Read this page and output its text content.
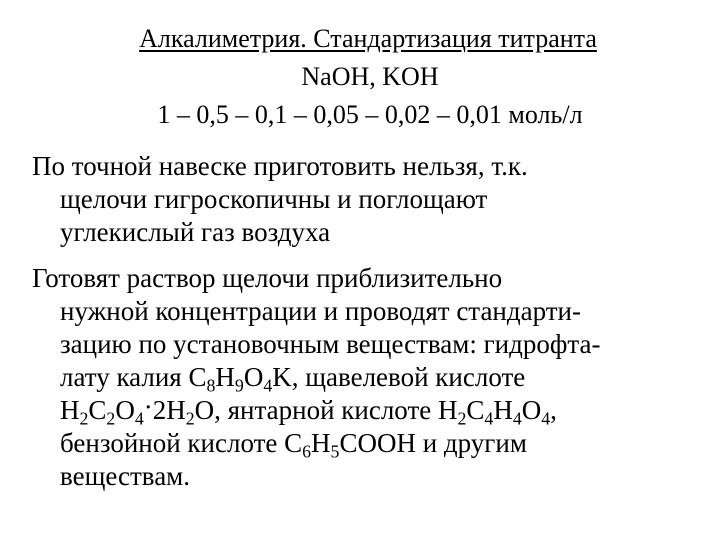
Алкалиметрия. Стандартизация титранта
NaOH, KOH
1 – 0,5 – 0,1 – 0,05 – 0,02 – 0,01 моль/л
По точной навеске приготовить нельзя, т.к.
щелочи гигроскопичны и поглощают
углекислый газ воздуха
Готовят раствор щелочи приблизительно
нужной концентрации и проводят стандарти-
зацию по установочным веществам: гидрофта-
лату калия $C_8H_9O_4K$, щавелевой кислоте
$H_2C_2O_4\cdot 2H_2O$, янтарной кислоте $H_2C_4H_4O_4$,
бензойной кислоте $C_6H_5COOH$ и другим
веществам.
